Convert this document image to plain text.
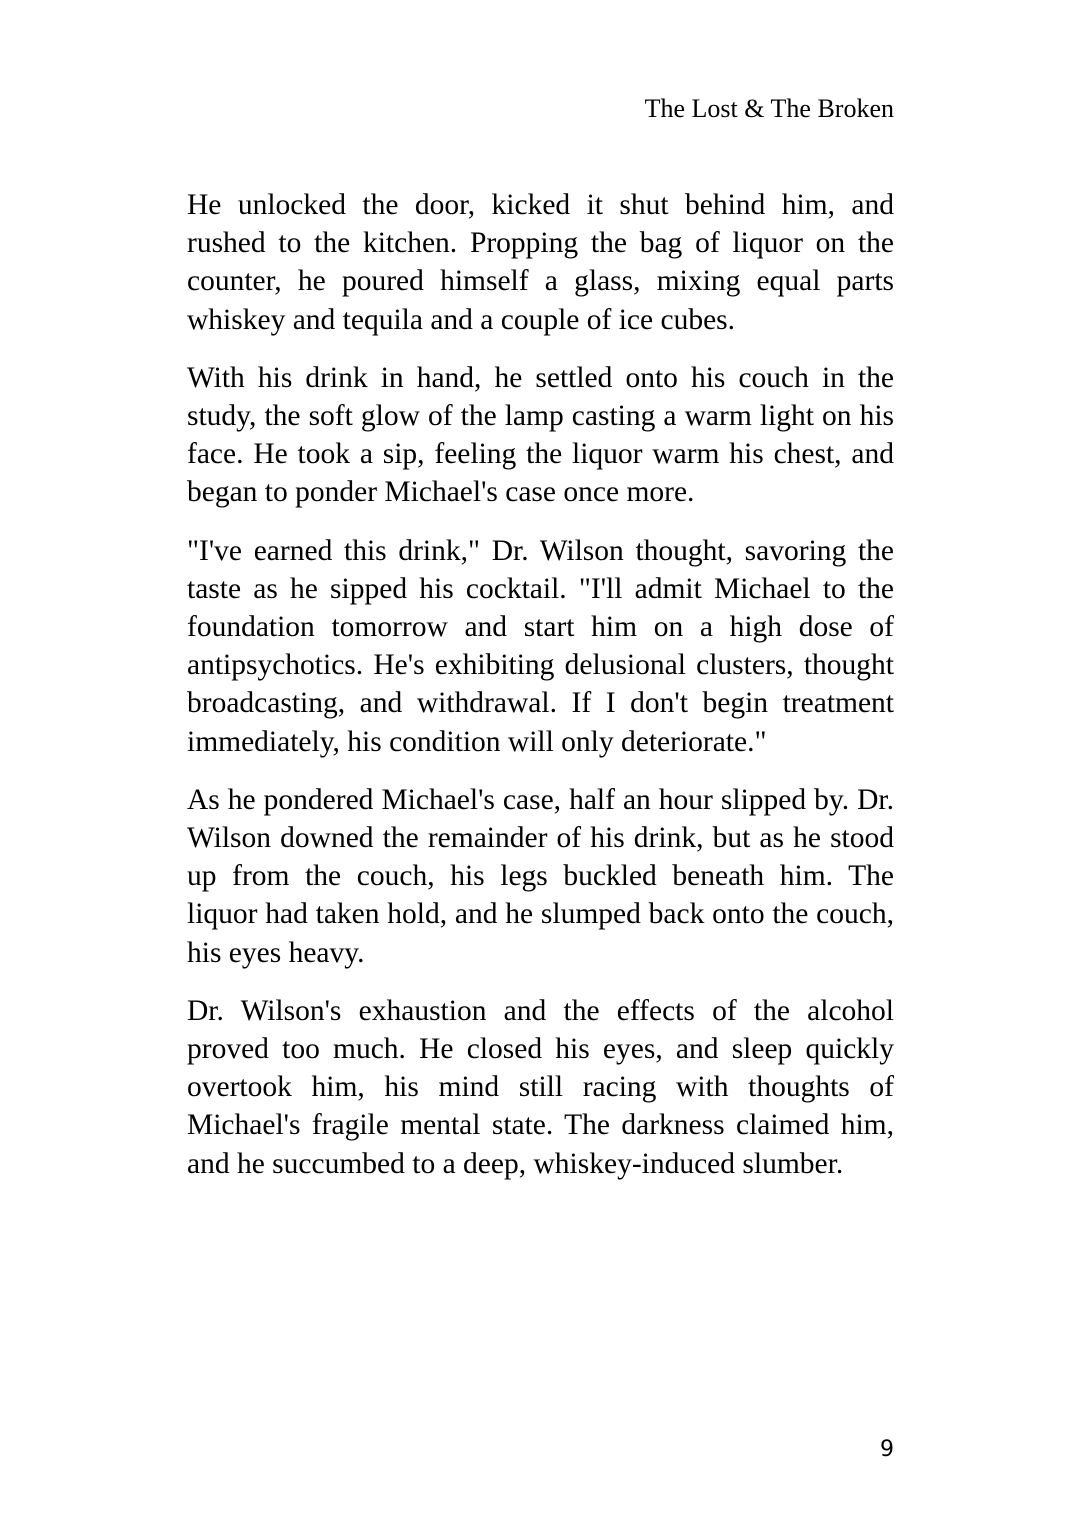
The Lost & The Broken

He unlocked the door, kicked it shut behind him, and rushed to the kitchen. Propping the bag of liquor on the counter, he poured himself a glass, mixing equal parts whiskey and tequila and a couple of ice cubes.

With his drink in hand, he settled onto his couch in the study, the soft glow of the lamp casting a warm light on his face. He took a sip, feeling the liquor warm his chest, and began to ponder Michael's case once more.

"I've earned this drink," Dr. Wilson thought, savoring the taste as he sipped his cocktail. "I'll admit Michael to the foundation tomorrow and start him on a high dose of antipsychotics. He's exhibiting delusional clusters, thought broadcasting, and withdrawal. If I don't begin treatment immediately, his condition will only deteriorate."

As he pondered Michael's case, half an hour slipped by. Dr. Wilson downed the remainder of his drink, but as he stood up from the couch, his legs buckled beneath him. The liquor had taken hold, and he slumped back onto the couch, his eyes heavy.

Dr. Wilson's exhaustion and the effects of the alcohol proved too much. He closed his eyes, and sleep quickly overtook him, his mind still racing with thoughts of Michael's fragile mental state. The darkness claimed him, and he succumbed to a deep, whiskey-induced slumber.

9
